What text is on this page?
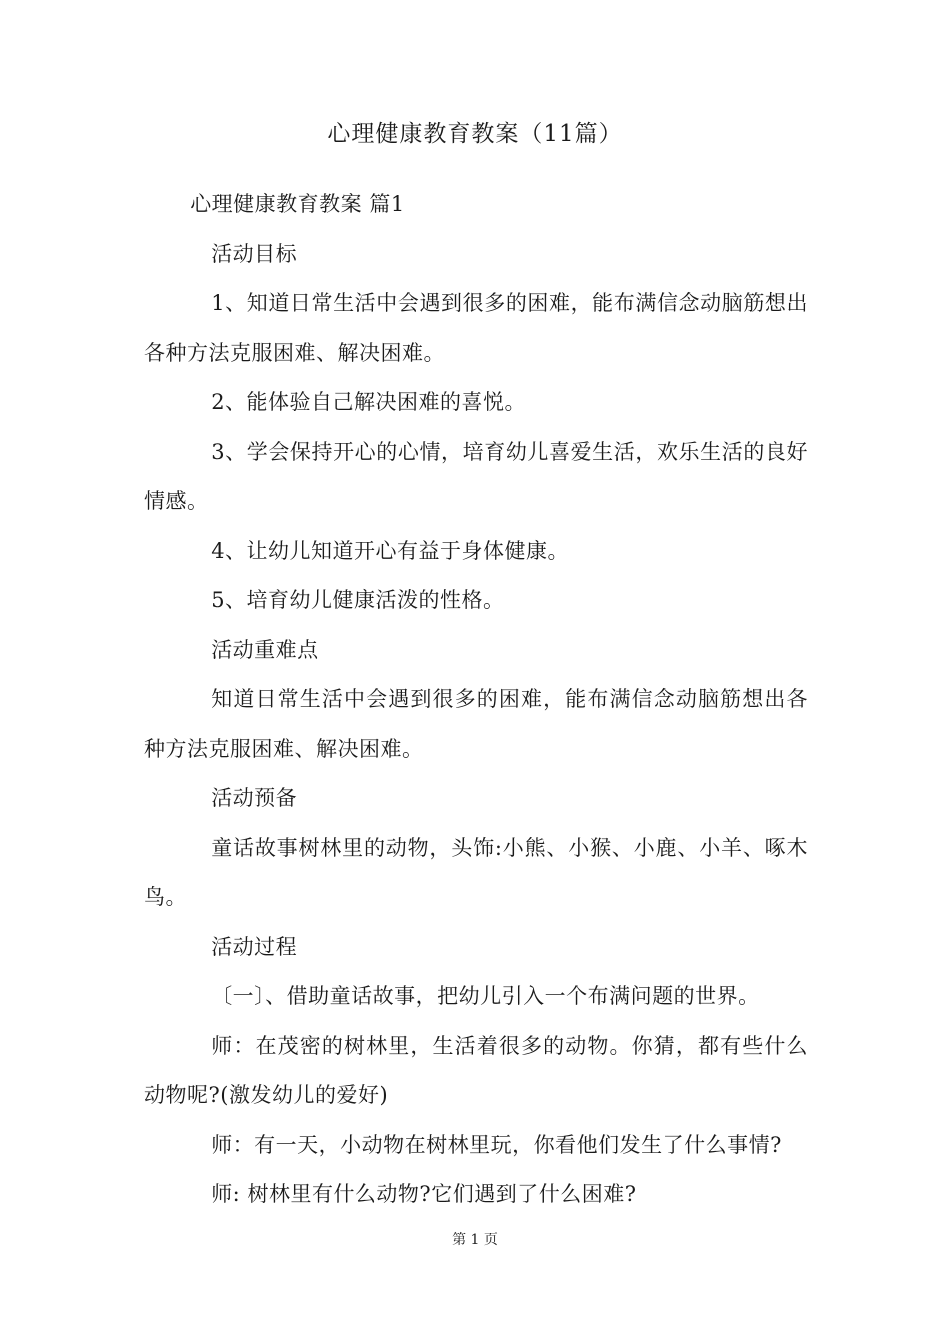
心理健康教育教案（11篇）

心理健康教育教案 篇1

活动目标

1、知道日常生活中会遇到很多的困难，能布满信念动脑筋想出各种方法克服困难、解决困难。

2、能体验自己解决困难的喜悦。

3、学会保持开心的心情，培育幼儿喜爱生活，欢乐生活的良好情感。

4、让幼儿知道开心有益于身体健康。

5、培育幼儿健康活泼的性格。

活动重难点

知道日常生活中会遇到很多的困难，能布满信念动脑筋想出各种方法克服困难、解决困难。

活动预备

童话故事树林里的动物，头饰:小熊、小猴、小鹿、小羊、啄木鸟。

活动过程

〔一〕、借助童话故事，把幼儿引入一个布满问题的世界。

师：在茂密的树林里，生活着很多的动物。你猜，都有些什么动物呢?(激发幼儿的爱好)

师：有一天，小动物在树林里玩，你看他们发生了什么事情?

师: 树林里有什么动物?它们遇到了什么困难?

第 1 页
